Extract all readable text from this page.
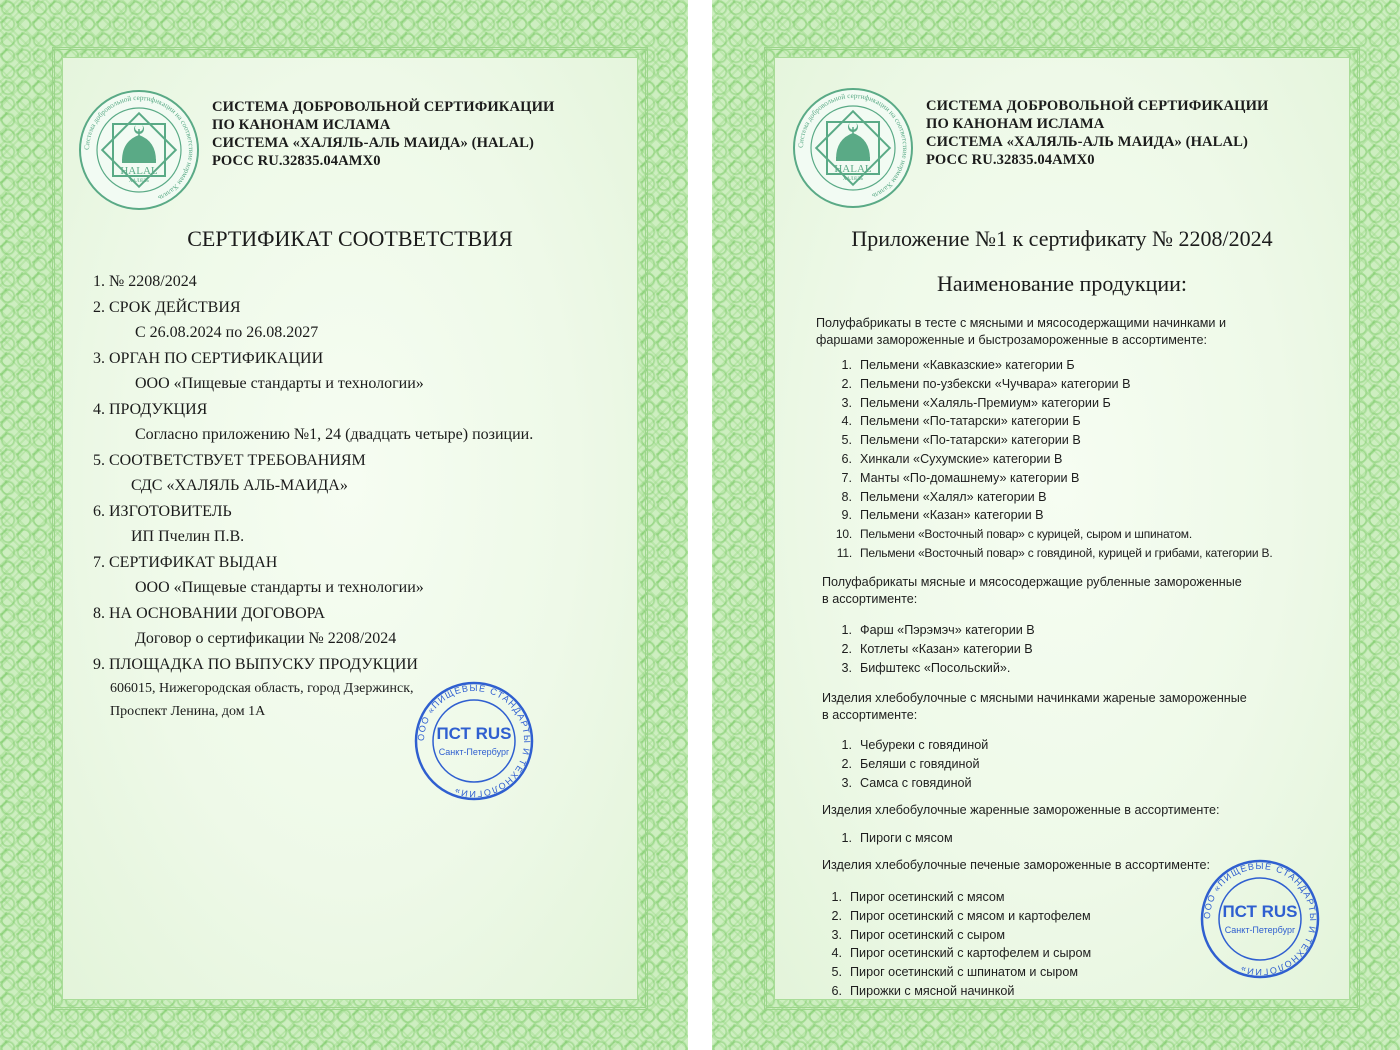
Система добровольной сертификации на соответствие нормам Халяль
HALAL
ХАЛЯЛЬ
СИСТЕМА ДОБРОВОЛЬНОЙ СЕРТИФИКАЦИИ
ПО КАНОНАМ ИСЛАМА
СИСТЕМА «ХАЛЯЛЬ-АЛЬ МАИДА» (HALAL)
РОСС RU.32835.04AMX0
СЕРТИФИКАТ СООТВЕТСТВИЯ
1. № 2208/2024
2. СРОК ДЕЙСТВИЯ
С 26.08.2024 по 26.08.2027
3. ОРГАН ПО СЕРТИФИКАЦИИ
ООО «Пищевые стандарты и технологии»
4. ПРОДУКЦИЯ
Согласно приложению №1, 24 (двадцать четыре) позиции.
5. СООТВЕТСТВУЕТ ТРЕБОВАНИЯМ
СДС «ХАЛЯЛЬ АЛЬ-МАИДА»
6. ИЗГОТОВИТЕЛЬ
ИП Пчелин П.В.
7. СЕРТИФИКАТ ВЫДАН
ООО «Пищевые стандарты и технологии»
8. НА ОСНОВАНИИ ДОГОВОРА
Договор о сертификации № 2208/2024
9. ПЛОЩАДКА ПО ВЫПУСКУ ПРОДУКЦИИ
606015, Нижегородская область, город Дзержинск,
Проспект Ленина, дом 1А
ООО «ПИЩЕВЫЕ СТАНДАРТЫ И ТЕХНОЛОГИИ»
ПСТ RUS
Санкт-Петербург
Система добровольной сертификации на соответствие нормам Халяль
HALAL
ХАЛЯЛЬ
СИСТЕМА ДОБРОВОЛЬНОЙ СЕРТИФИКАЦИИ
ПО КАНОНАМ ИСЛАМА
СИСТЕМА «ХАЛЯЛЬ-АЛЬ МАИДА» (HALAL)
РОСС RU.32835.04AMX0
Приложение №1 к сертификату № 2208/2024
Наименование продукции:
Полуфабрикаты в тесте с мясными и мясосодержащими начинками и
фаршами замороженные и быстрозамороженные в ассортименте:
1. Пельмени «Кавказские» категории Б
2. Пельмени по-узбекски «Чучвара» категории В
3. Пельмени «Халяль-Премиум» категории Б
4. Пельмени «По-татарски» категории Б
5. Пельмени «По-татарски» категории В
6. Хинкали «Сухумские» категории В
7. Манты «По-домашнему» категории В
8. Пельмени «Халял» категории В
9. Пельмени «Казан» категории В
10. Пельмени «Восточный повар» с курицей, сыром и шпинатом.
11. Пельмени «Восточный повар» с говядиной, курицей и грибами, категории В.
Полуфабрикаты мясные и мясосодержащие рубленные замороженные
в ассортименте:
1. Фарш «Пэрэмэч» категории В
2. Котлеты «Казан» категории В
3. Бифштекс «Посольский».
Изделия хлебобулочные с мясными начинками жареные замороженные
в ассортименте:
1. Чебуреки с говядиной
2. Беляши с говядиной
3. Самса с говядиной
Изделия хлебобулочные жаренные замороженные в ассортименте:
1. Пироги с мясом
Изделия хлебобулочные печеные замороженные в ассортименте:
1. Пирог осетинский с мясом
2. Пирог осетинский с мясом и картофелем
3. Пирог осетинский с сыром
4. Пирог осетинский с картофелем и сыром
5. Пирог осетинский с шпинатом и сыром
6. Пирожки с мясной начинкой
ООО «ПИЩЕВЫЕ СТАНДАРТЫ И ТЕХНОЛОГИИ»
ПСТ RUS
Санкт-Петербург
